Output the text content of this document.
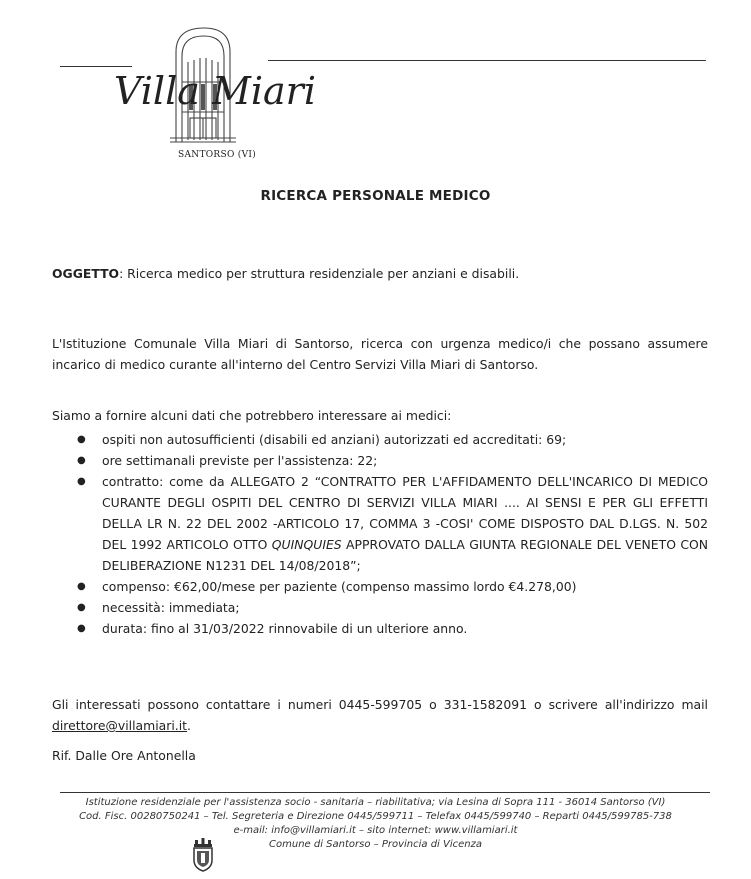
Villa Miari
SANTORSO (VI)
RICERCA PERSONALE MEDICO
OGGETTO: Ricerca medico per struttura residenziale per anziani e disabili.
L'Istituzione Comunale Villa Miari di Santorso, ricerca con urgenza medico/i che possano assumere incarico di medico curante all'interno del Centro Servizi Villa Miari di Santorso.
Siamo a fornire alcuni dati che potrebbero interessare ai medici:
● ospiti non autosufficienti (disabili ed anziani) autorizzati ed accreditati: 69;
● ore settimanali previste per l'assistenza: 22;
● contratto: come da ALLEGATO 2 “CONTRATTO PER L'AFFIDAMENTO DELL'INCARICO DI MEDICO CURANTE DEGLI OSPITI DEL CENTRO DI SERVIZI VILLA MIARI .... AI SENSI E PER GLI EFFETTI DELLA LR N. 22 DEL 2002 -ARTICOLO 17, COMMA 3 -COSI' COME DISPOSTO DAL D.LGS. N. 502 DEL 1992 ARTICOLO OTTO QUINQUIES APPROVATO DALLA GIUNTA REGIONALE DEL VENETO CON DELIBERAZIONE N1231 DEL 14/08/2018”;
● compenso: €62,00/mese per paziente (compenso massimo lordo €4.278,00)
● necessità: immediata;
● durata: fino al 31/03/2022 rinnovabile di un ulteriore anno.
Gli interessati possono contattare i numeri 0445-599705 o 331-1582091 o scrivere all'indirizzo mail direttore@villamiari.it.
Rif. Dalle Ore Antonella
Istituzione residenziale per l'assistenza socio - sanitaria – riabilitativa; via Lesina di Sopra 111 - 36014 Santorso (VI)
Cod. Fisc. 00280750241 – Tel. Segreteria e Direzione 0445/599711 – Telefax 0445/599740 – Reparti 0445/599785-738
e-mail: info@villamiari.it – sito internet: www.villamiari.it
Comune di Santorso – Provincia di Vicenza
